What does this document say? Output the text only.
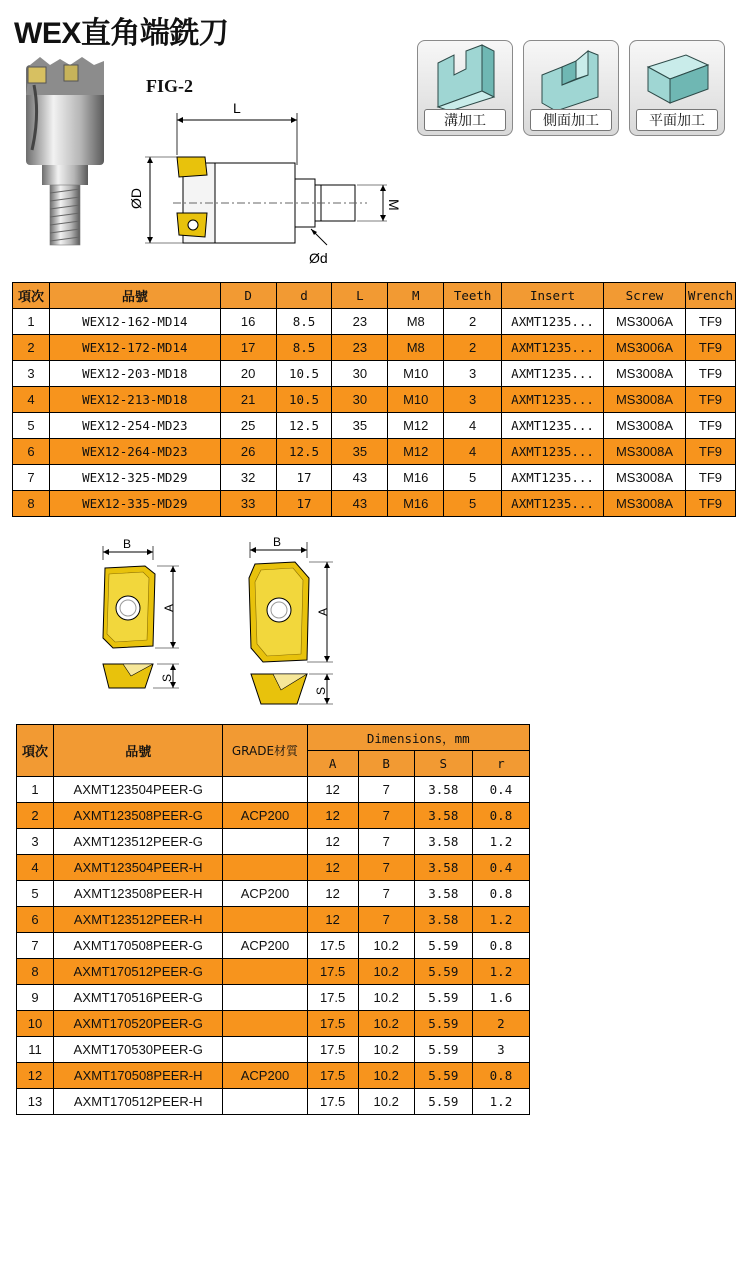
WEX直角端銑刀
FIG-2
L
ØD	M
Ød
溝加工	側面加工	平面加工
項次	品號	D	d	L	M	Teeth	Insert	Screw	Wrench
1	WEX12-162-MD14	16	8.5	23	M8	2	AXMT1235...	MS3006A	TF9
2	WEX12-172-MD14	17	8.5	23	M8	2	AXMT1235...	MS3006A	TF9
3	WEX12-203-MD18	20	10.5	30	M10	3	AXMT1235...	MS3008A	TF9
4	WEX12-213-MD18	21	10.5	30	M10	3	AXMT1235...	MS3008A	TF9
5	WEX12-254-MD23	25	12.5	35	M12	4	AXMT1235...	MS3008A	TF9
6	WEX12-264-MD23	26	12.5	35	M12	4	AXMT1235...	MS3008A	TF9
7	WEX12-325-MD29	32	17	43	M16	5	AXMT1235...	MS3008A	TF9
8	WEX12-335-MD29	33	17	43	M16	5	AXMT1235...	MS3008A	TF9
B
A
S
B
A
S
項次	品號	GRADE材質	Dimensions，mm			
			A	B	S	r
1	AXMT123504PEER-G		12	7	3.58	0.4
2	AXMT123508PEER-G	ACP200	12	7	3.58	0.8
3	AXMT123512PEER-G		12	7	3.58	1.2
4	AXMT123504PEER-H		12	7	3.58	0.4
5	AXMT123508PEER-H	ACP200	12	7	3.58	0.8
6	AXMT123512PEER-H		12	7	3.58	1.2
7	AXMT170508PEER-G	ACP200	17.5	10.2	5.59	0.8
8	AXMT170512PEER-G		17.5	10.2	5.59	1.2
9	AXMT170516PEER-G		17.5	10.2	5.59	1.6
10	AXMT170520PEER-G		17.5	10.2	5.59	2
11	AXMT170530PEER-G		17.5	10.2	5.59	3
12	AXMT170508PEER-H	ACP200	17.5	10.2	5.59	0.8
13	AXMT170512PEER-H		17.5	10.2	5.59	1.2
